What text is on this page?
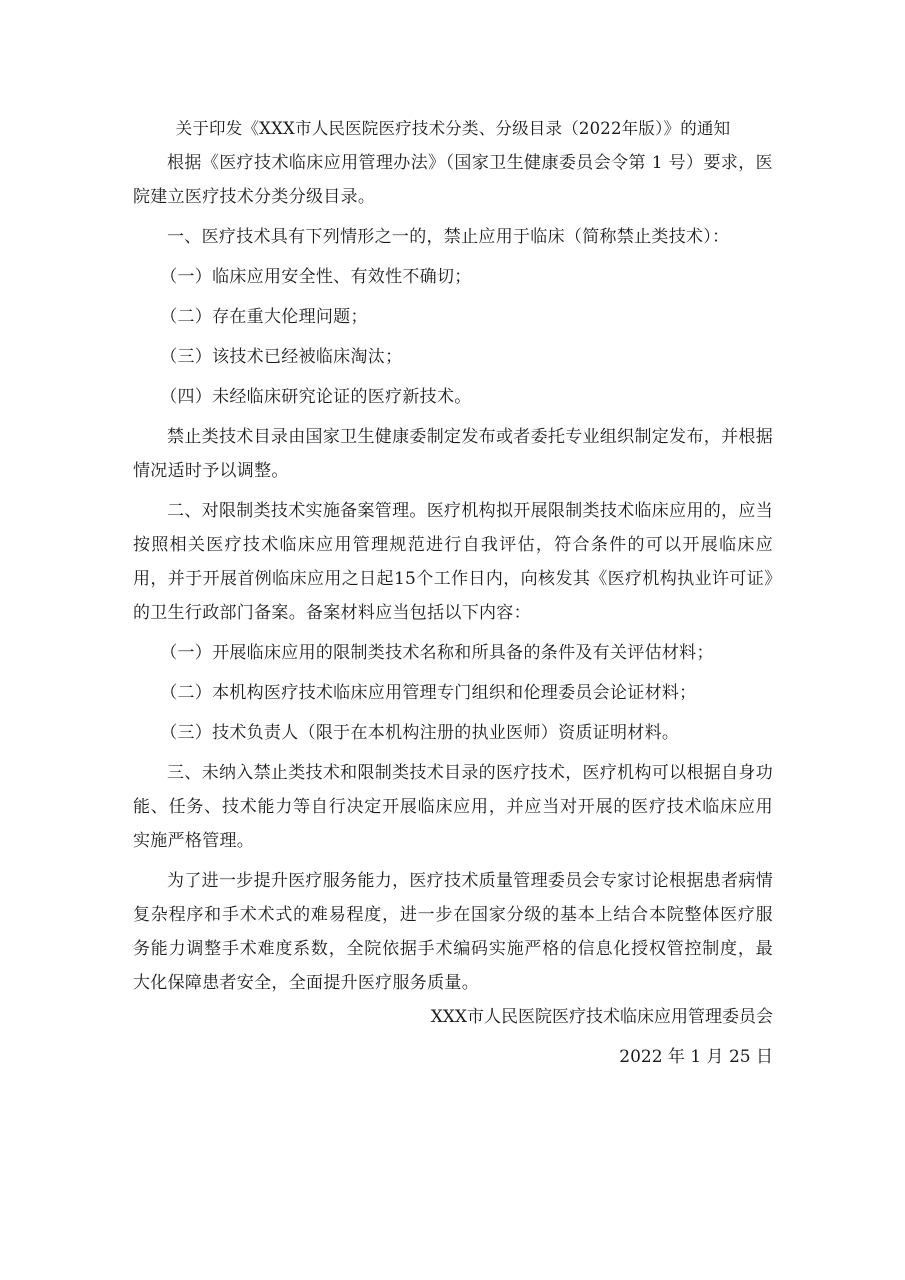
关于印发《XXX市人民医院医疗技术分类、分级目录（2022年版）》的通知

根据《医疗技术临床应用管理办法》（国家卫生健康委员会令第 1 号）要求，医院建立医疗技术分类分级目录。

一、医疗技术具有下列情形之一的，禁止应用于临床（简称禁止类技术）：

（一）临床应用安全性、有效性不确切；

（二）存在重大伦理问题；

（三）该技术已经被临床淘汰；

（四）未经临床研究论证的医疗新技术。

禁止类技术目录由国家卫生健康委制定发布或者委托专业组织制定发布，并根据情况适时予以调整。

二、对限制类技术实施备案管理。医疗机构拟开展限制类技术临床应用的，应当按照相关医疗技术临床应用管理规范进行自我评估，符合条件的可以开展临床应用，并于开展首例临床应用之日起15个工作日内，向核发其《医疗机构执业许可证》的卫生行政部门备案。备案材料应当包括以下内容：

（一）开展临床应用的限制类技术名称和所具备的条件及有关评估材料；

（二）本机构医疗技术临床应用管理专门组织和伦理委员会论证材料；

（三）技术负责人（限于在本机构注册的执业医师）资质证明材料。

三、未纳入禁止类技术和限制类技术目录的医疗技术，医疗机构可以根据自身功能、任务、技术能力等自行决定开展临床应用，并应当对开展的医疗技术临床应用实施严格管理。

为了进一步提升医疗服务能力，医疗技术质量管理委员会专家讨论根据患者病情复杂程序和手术术式的难易程度，进一步在国家分级的基本上结合本院整体医疗服务能力调整手术难度系数，全院依据手术编码实施严格的信息化授权管控制度，最大化保障患者安全，全面提升医疗服务质量。

XXX市人民医院医疗技术临床应用管理委员会
2022 年 1 月 25 日
